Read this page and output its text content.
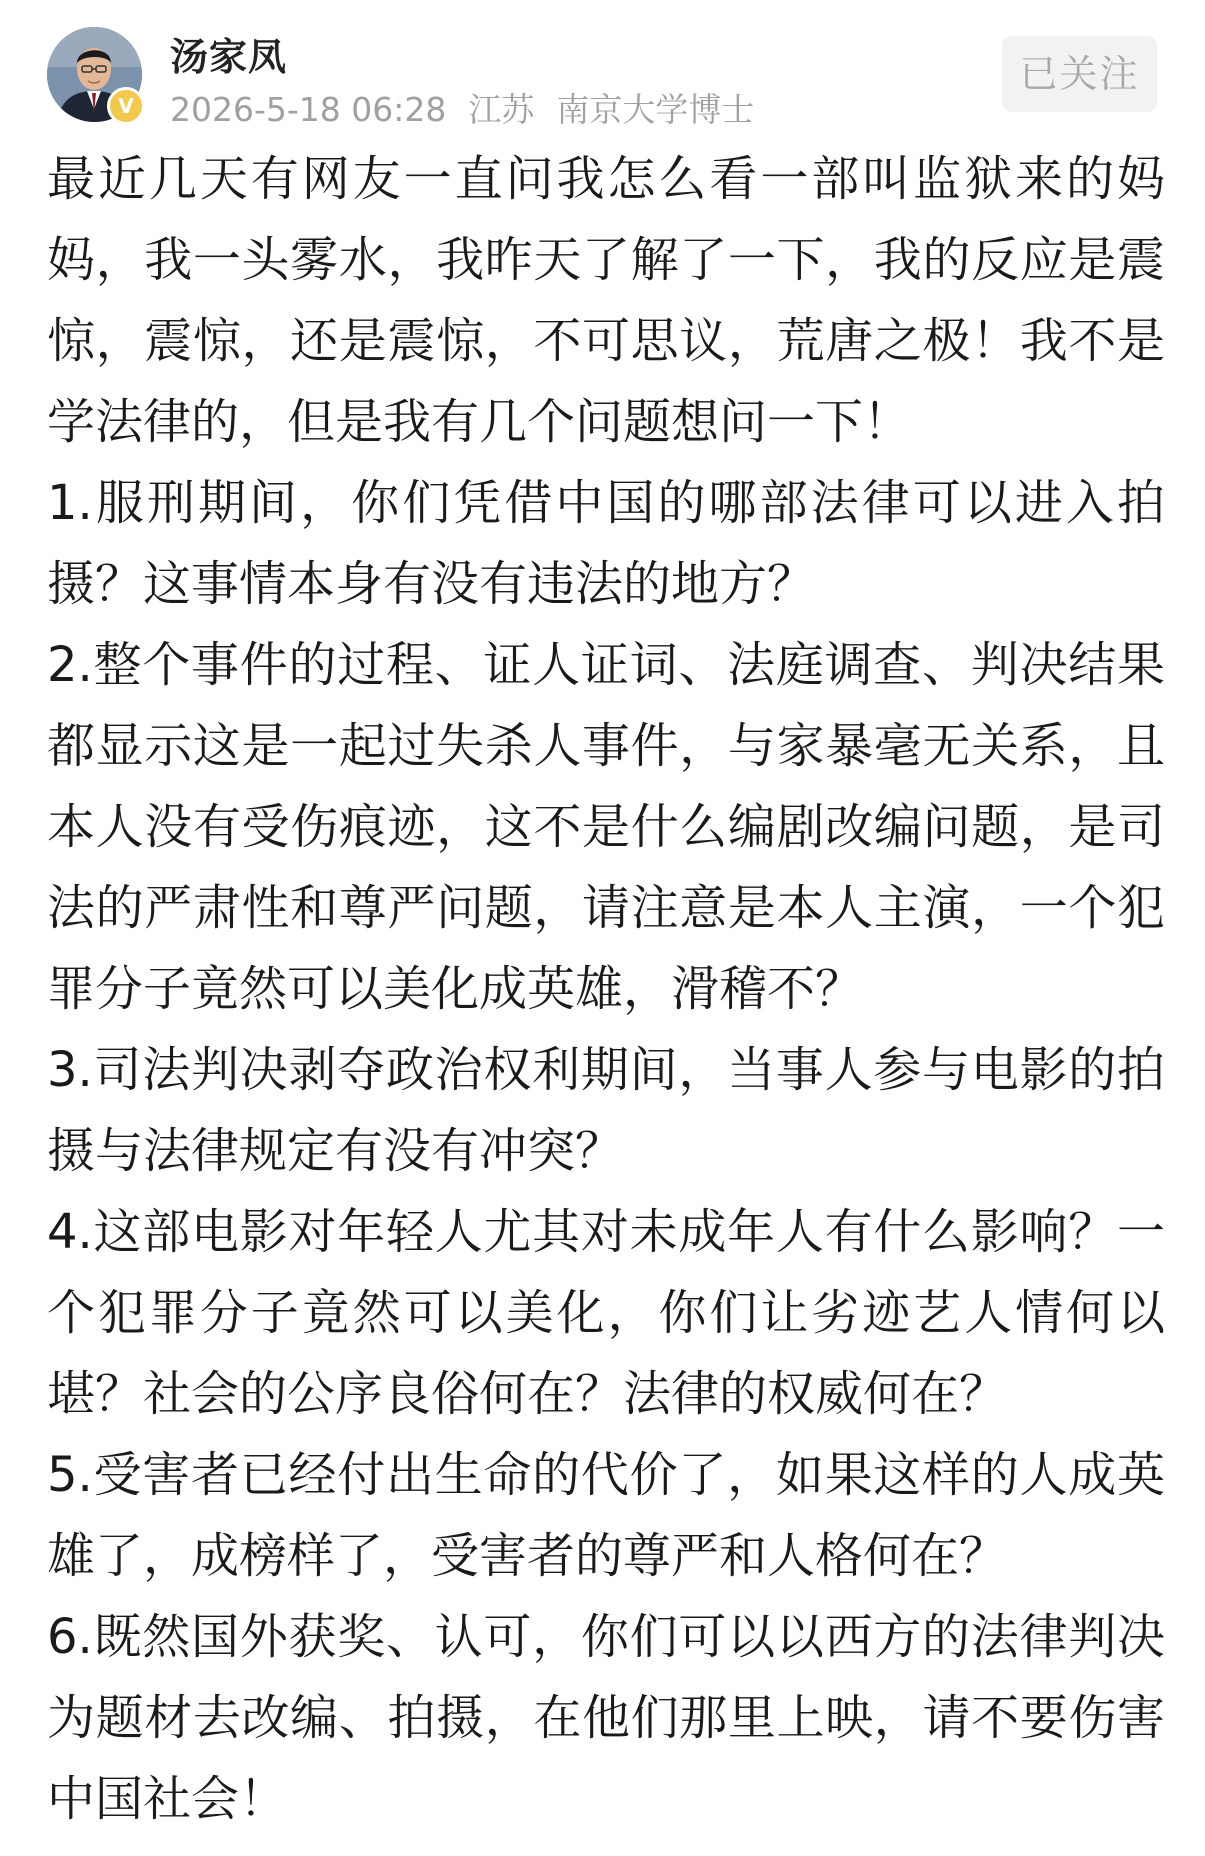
V
汤家凤
2026-5-18 06:28 江苏 南京大学博士
已关注

最近几天有网友一直问我怎么看一部叫监狱来的妈妈，我一头雾水，我昨天了解了一下，我的反应是震惊，震惊，还是震惊，不可思议，荒唐之极！我不是学法律的，但是我有几个问题想问一下！

1.服刑期间，你们凭借中国的哪部法律可以进入拍摄？这事情本身有没有违法的地方？

2.整个事件的过程、证人证词、法庭调查、判决结果都显示这是一起过失杀人事件，与家暴毫无关系，且本人没有受伤痕迹，这不是什么编剧改编问题，是司法的严肃性和尊严问题，请注意是本人主演，一个犯罪分子竟然可以美化成英雄，滑稽不？

3.司法判决剥夺政治权利期间，当事人参与电影的拍摄与法律规定有没有冲突？

4.这部电影对年轻人尤其对未成年人有什么影响？一个犯罪分子竟然可以美化，你们让劣迹艺人情何以堪？社会的公序良俗何在？法律的权威何在？

5.受害者已经付出生命的代价了，如果这样的人成英雄了，成榜样了，受害者的尊严和人格何在？

6.既然国外获奖、认可，你们可以以西方的法律判决为题材去改编、拍摄，在他们那里上映，请不要伤害中国社会！
